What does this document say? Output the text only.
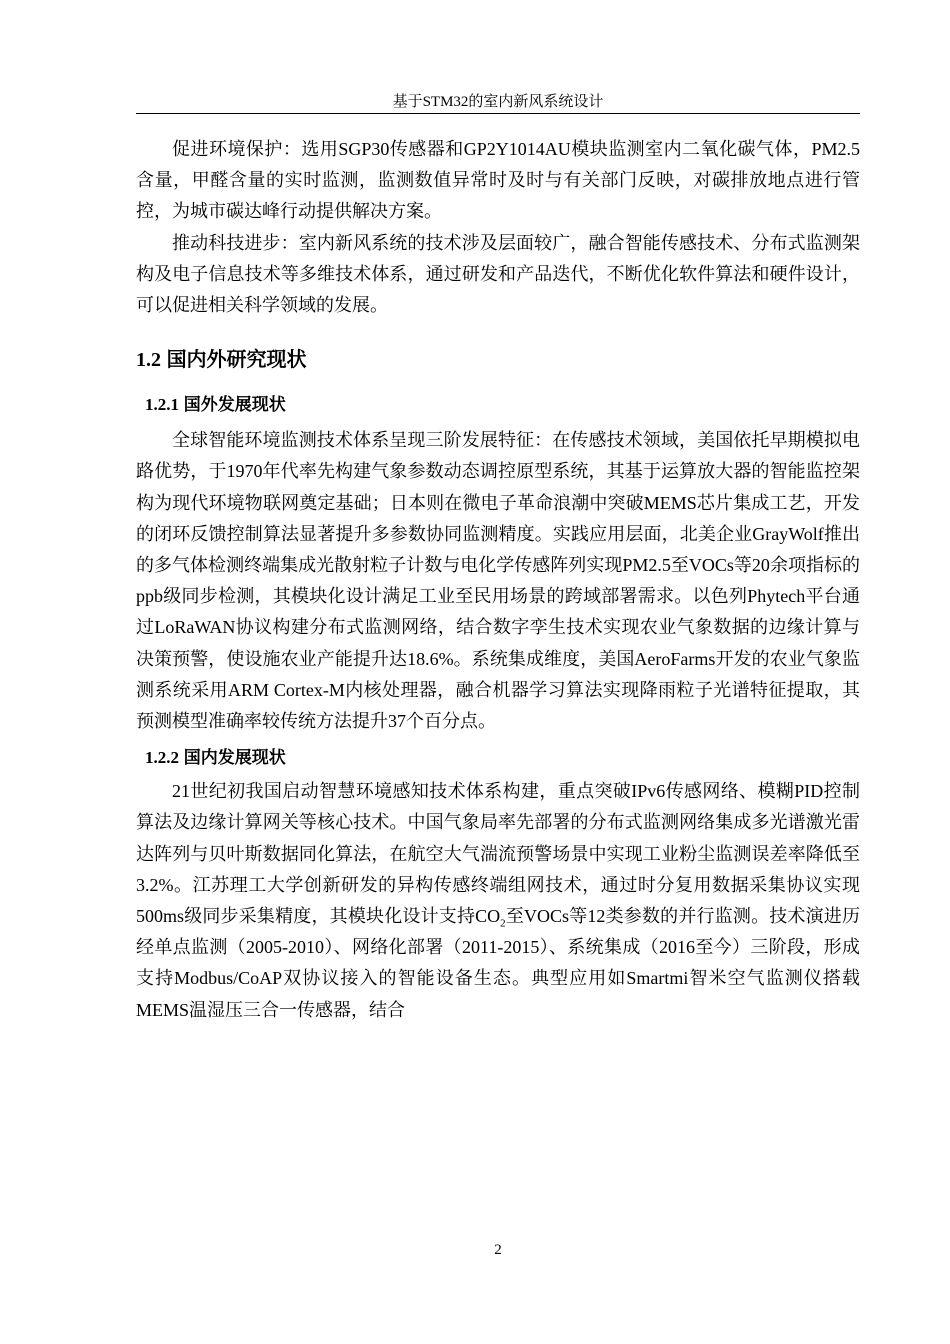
基于STM32的室内新风系统设计

促进环境保护：选用SGP30传感器和GP2Y1014AU模块监测室内二氧化碳气体，PM2.5含量，甲醛含量的实时监测，监测数值异常时及时与有关部门反映，对碳排放地点进行管控，为城市碳达峰行动提供解决方案。

推动科技进步：室内新风系统的技术涉及层面较广，融合智能传感技术、分布式监测架构及电子信息技术等多维技术体系，通过研发和产品迭代，不断优化软件算法和硬件设计，可以促进相关科学领域的发展。

1.2 国内外研究现状
1.2.1 国外发展现状

全球智能环境监测技术体系呈现三阶发展特征：在传感技术领域，美国依托早期模拟电路优势，于1970年代率先构建气象参数动态调控原型系统，其基于运算放大器的智能监控架构为现代环境物联网奠定基础；日本则在微电子革命浪潮中突破MEMS芯片集成工艺，开发的闭环反馈控制算法显著提升多参数协同监测精度。实践应用层面，北美企业GrayWolf推出的多气体检测终端集成光散射粒子计数与电化学传感阵列实现PM2.5至VOCs等20余项指标的ppb级同步检测，其模块化设计满足工业至民用场景的跨域部署需求。以色列Phytech平台通过LoRaWAN协议构建分布式监测网络，结合数字孪生技术实现农业气象数据的边缘计算与决策预警，使设施农业产能提升达18.6%。系统集成维度，美国AeroFarms开发的农业气象监测系统采用ARM Cortex-M内核处理器，融合机器学习算法实现降雨粒子光谱特征提取，其预测模型准确率较传统方法提升37个百分点。

1.2.2 国内发展现状

21世纪初我国启动智慧环境感知技术体系构建，重点突破IPv6传感网络、模糊PID控制算法及边缘计算网关等核心技术。中国气象局率先部署的分布式监测网络集成多光谱激光雷达阵列与贝叶斯数据同化算法，在航空大气湍流预警场景中实现工业粉尘监测误差率降低至3.2%。江苏理工大学创新研发的异构传感终端组网技术，通过时分复用数据采集协议实现500ms级同步采集精度，其模块化设计支持$CO_2$至VOCs等12类参数的并行监测。技术演进历经单点监测（2005-2010）、网络化部署（2011-2015）、系统集成（2016至今）三阶段，形成支持Modbus/CoAP双协议接入的智能设备生态。典型应用如Smartmi智米空气监测仪搭载MEMS温湿压三合一传感器，结合

2
